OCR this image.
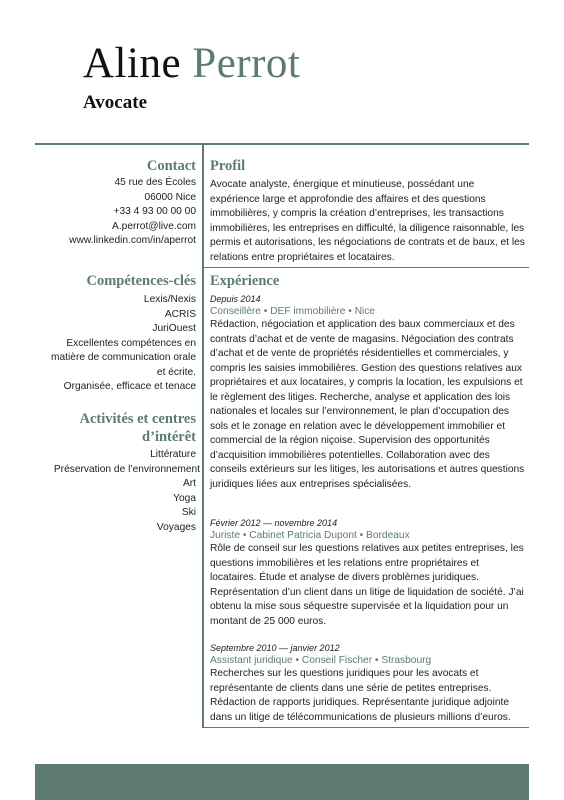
Aline Perrot
Avocate
Contact
45 rue des Écoles
06000 Nice
+33 4 93 00 00 00
A.perrot@live.com
www.linkedin.com/in/aperrot
Compétences-clés
Lexis/Nexis
ACRIS
JuriOuest
Excellentes compétences en matière de communication orale et écrite.
Organisée, efficace et tenace
Activités et centres d’intérêt
Littérature
Préservation de l’environnement
Art
Yoga
Ski
Voyages
Profil
Avocate analyste, énergique et minutieuse, possédant une expérience large et approfondie des affaires et des questions immobilières, y compris la création d’entreprises, les transactions immobilières, les entreprises en difficulté, la diligence raisonnable, les permis et autorisations, les négociations de contrats et de baux, et les relations entre propriétaires et locataires.
Expérience
Depuis 2014
Conseillère • DEF immobilière • Nice
Rédaction, négociation et application des baux commerciaux et des contrats d’achat et de vente de magasins. Négociation des contrats d’achat et de vente de propriétés résidentielles et commerciales, y compris les saisies immobilières. Gestion des questions relatives aux propriétaires et aux locataires, y compris la location, les expulsions et le règlement des litiges. Recherche, analyse et application des lois nationales et locales sur l’environnement, le plan d’occupation des sols et le zonage en relation avec le développement immobilier et commercial de la région niçoise. Supervision des opportunités d’acquisition immobilières potentielles. Collaboration avec des conseils extérieurs sur les litiges, les autorisations et autres questions juridiques liées aux entreprises spécialisées.
Février 2012 — novembre 2014
Juriste • Cabinet Patricia Dupont • Bordeaux
Rôle de conseil sur les questions relatives aux petites entreprises, les questions immobilières et les relations entre propriétaires et locataires. Étude et analyse de divers problèmes juridiques. Représentation d’un client dans un litige de liquidation de société. J’ai obtenu la mise sous séquestre supervisée et la liquidation pour un montant de 25 000 euros.
Septembre 2010 — janvier 2012
Assistant juridique • Conseil Fischer • Strasbourg
Recherches sur les questions juridiques pour les avocats et représentante de clients dans une série de petites entreprises. Rédaction de rapports juridiques. Représentante juridique adjointe dans un litige de télécommunications de plusieurs millions d’euros.
